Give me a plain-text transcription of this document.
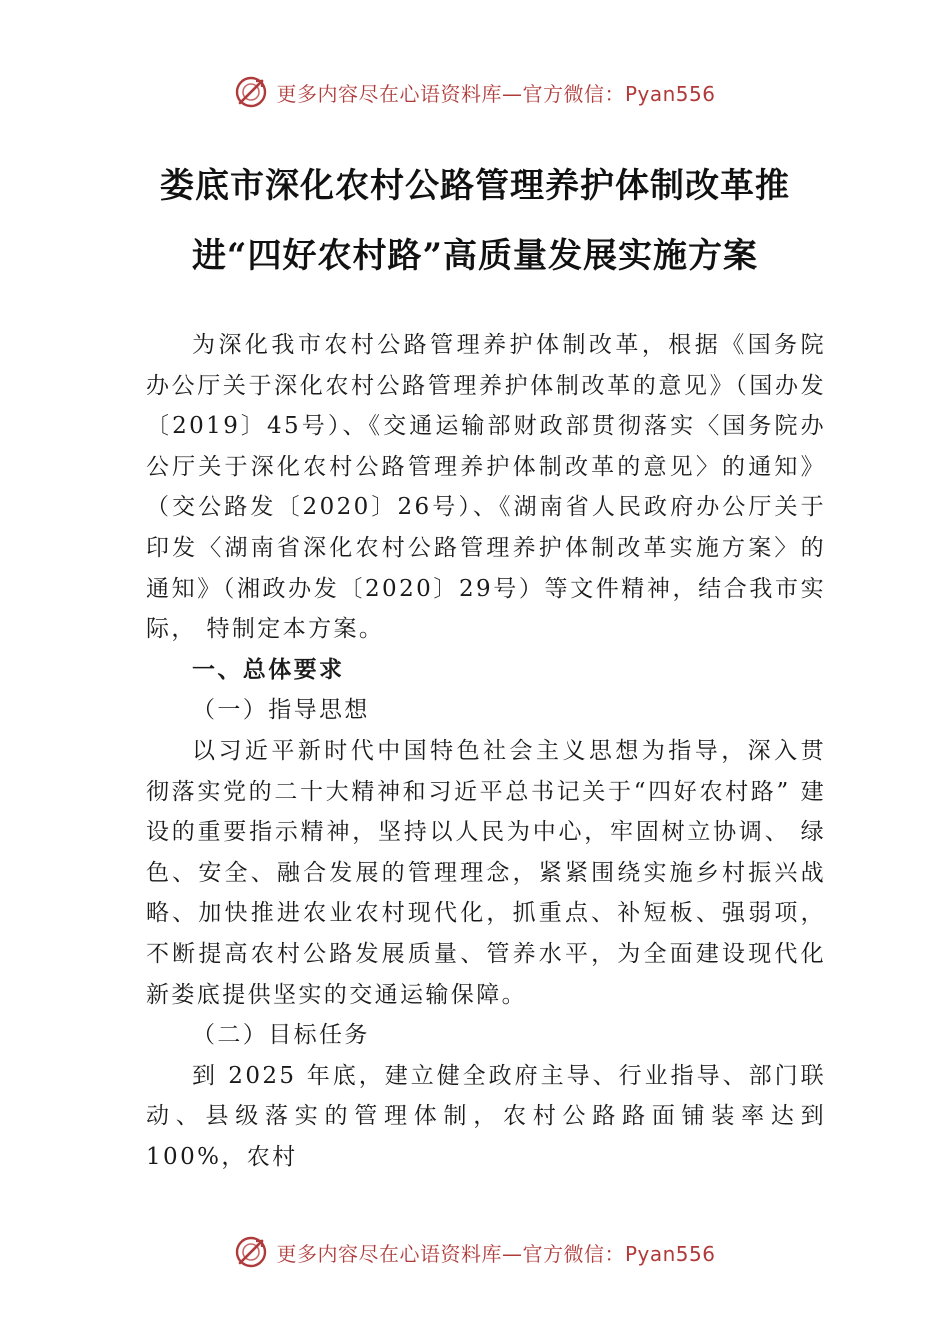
更多内容尽在心语资料库—官方微信：Pyan556
娄底市深化农村公路管理养护体制改革推
进“四好农村路”高质量发展实施方案

为深化我市农村公路管理养护体制改革，根据《国务院办公厅关于深化农村公路管理养护体制改革的意见》（国办发〔2019〕45号）、《交通运输部财政部贯彻落实〈国务院办公厅关于深化农村公路管理养护体制改革的意见〉的通知》（交公路发〔2020〕26号）、《湖南省人民政府办公厅关于印发〈湖南省深化农村公路管理养护体制改革实施方案〉的通知》（湘政办发〔2020〕29号）等文件精神，结合我市实际， 特制定本方案。

一、总体要求
（一）指导思想

以习近平新时代中国特色社会主义思想为指导，深入贯彻落实党的二十大精神和习近平总书记关于“四好农村路” 建设的重要指示精神，坚持以人民为中心，牢固树立协调、 绿色、安全、融合发展的管理理念，紧紧围绕实施乡村振兴战略、加快推进农业农村现代化，抓重点、补短板、强弱项， 不断提高农村公路发展质量、管养水平，为全面建设现代化新娄底提供坚实的交通运输保障。

（二）目标任务

到 2025 年底，建立健全政府主导、行业指导、部门联动、县级落实的管理体制，农村公路路面铺装率达到 100%，农村

更多内容尽在心语资料库—官方微信：Pyan556
